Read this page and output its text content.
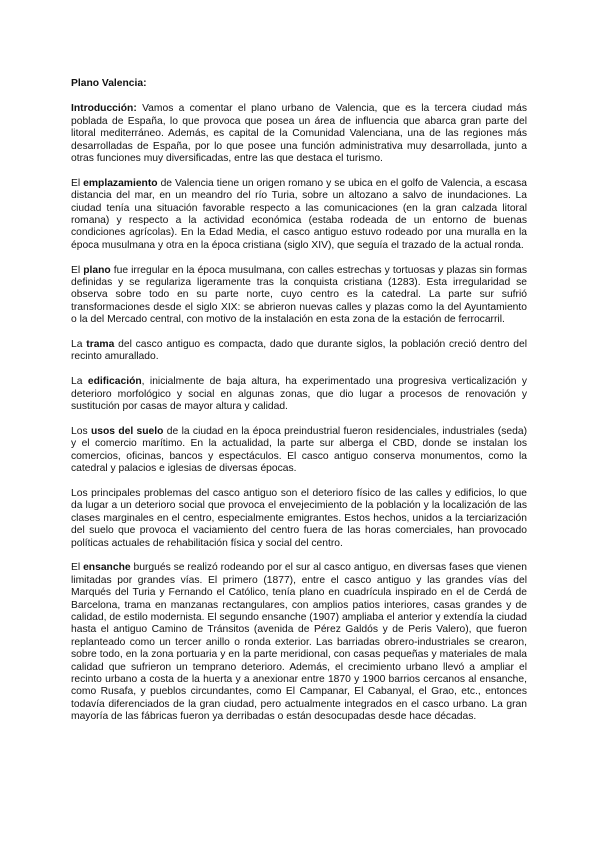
Plano Valencia:

Introducción: Vamos a comentar el plano urbano de Valencia, que es la tercera ciudad más poblada de España, lo que provoca que posea un área de influencia que abarca gran parte del litoral mediterráneo. Además, es capital de la Comunidad Valenciana, una de las regiones más desarrolladas de España, por lo que posee una función administrativa muy desarrollada, junto a otras funciones muy diversificadas, entre las que destaca el turismo.

El emplazamiento de Valencia tiene un origen romano y se ubica en el golfo de Valencia, a escasa distancia del mar, en un meandro del río Turia, sobre un altozano a salvo de inundaciones. La ciudad tenía una situación favorable respecto a las comunicaciones (en la gran calzada litoral romana) y respecto a la actividad económica (estaba rodeada de un entorno de buenas condiciones agrícolas). En la Edad Media, el casco antiguo estuvo rodeado por una muralla en la época musulmana y otra en la época cristiana (siglo XIV), que seguía el trazado de la actual ronda.

El plano fue irregular en la época musulmana, con calles estrechas y tortuosas y plazas sin formas definidas y se regulariza ligeramente tras la conquista cristiana (1283). Esta irregularidad se observa sobre todo en su parte norte, cuyo centro es la catedral. La parte sur sufrió transformaciones desde el siglo XIX: se abrieron nuevas calles y plazas como la del Ayuntamiento o la del Mercado central, con motivo de la instalación en esta zona de la estación de ferrocarril.

La trama del casco antiguo es compacta, dado que durante siglos, la población creció dentro del recinto amurallado.

La edificación, inicialmente de baja altura, ha experimentado una progresiva verticalización y deterioro morfológico y social en algunas zonas, que dio lugar a procesos de renovación y sustitución por casas de mayor altura y calidad.

Los usos del suelo de la ciudad en la época preindustrial fueron residenciales, industriales (seda) y el comercio marítimo. En la actualidad, la parte sur alberga el CBD, donde se instalan los comercios, oficinas, bancos y espectáculos. El casco antiguo conserva monumentos, como la catedral y palacios e iglesias de diversas épocas.

Los principales problemas del casco antiguo son el deterioro físico de las calles y edificios, lo que da lugar a un deterioro social que provoca el envejecimiento de la población y la localización de las clases marginales en el centro, especialmente emigrantes. Estos hechos, unidos a la terciarización del suelo que provoca el vaciamiento del centro fuera de las horas comerciales, han provocado políticas actuales de rehabilitación física y social del centro.

El ensanche burgués se realizó rodeando por el sur al casco antiguo, en diversas fases que vienen limitadas por grandes vías. El primero (1877), entre el casco antiguo y las grandes vías del Marqués del Turia y Fernando el Católico, tenía plano en cuadrícula inspirado en el de Cerdá de Barcelona, trama en manzanas rectangulares, con amplios patios interiores, casas grandes y de calidad, de estilo modernista. El segundo ensanche (1907) ampliaba el anterior y extendía la ciudad hasta el antiguo Camino de Tránsitos (avenida de Pérez Galdós y de Peris Valero), que fueron replanteado como un tercer anillo o ronda exterior. Las barriadas obrero-industriales se crearon, sobre todo, en la zona portuaria y en la parte meridional, con casas pequeñas y materiales de mala calidad que sufrieron un temprano deterioro. Además, el crecimiento urbano llevó a ampliar el recinto urbano a costa de la huerta y a anexionar entre 1870 y 1900 barrios cercanos al ensanche, como Rusafa, y pueblos circundantes, como El Campanar, El Cabanyal, el Grao, etc., entonces todavía diferenciados de la gran ciudad, pero actualmente integrados en el casco urbano. La gran mayoría de las fábricas fueron ya derribadas o están desocupadas desde hace décadas.
